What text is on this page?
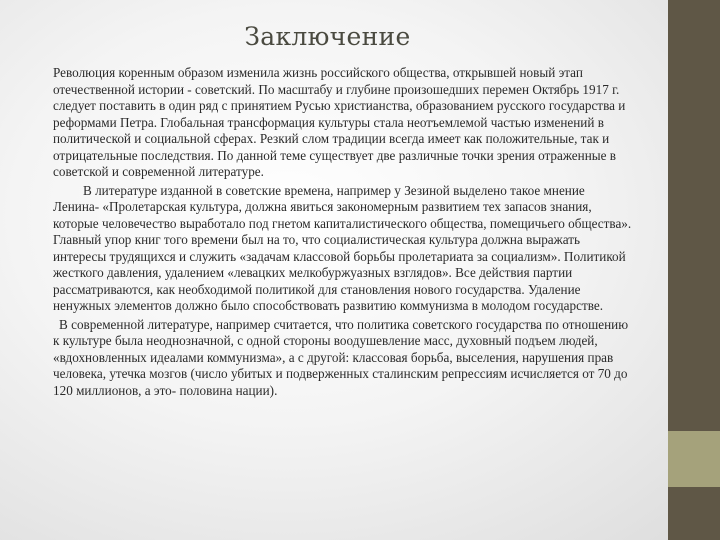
Заключение

Революция коренным образом изменила жизнь российского общества, открывшей новый этап отечественной истории - советский. По масштабу и глубине произошедших перемен Октябрь 1917 г. следует поставить в один ряд с принятием Русью христианства, образованием русского государства и реформами Петра. Глобальная трансформация культуры стала неотъемлемой частью изменений в политической и социальной сферах. Резкий слом традиции всегда имеет как положительные, так и отрицательные последствия. По данной теме существует две различные точки зрения отраженные в советской и современной литературе.

В литературе изданной в советские времена, например у Зезиной выделено такое мнение Ленина- «Пролетарская культура, должна явиться закономерным развитием тех запасов знания, которые человечество выработало под гнетом капиталистического общества, помещичьего общества». Главный упор книг того времени был на то, что социалистическая культура должна выражать интересы трудящихся и служить «задачам классовой борьбы пролетариата за социализм». Политикой жесткого давления, удалением «левацких мелкобуржуазных взглядов». Все действия партии рассматриваются, как необходимой политикой для становления нового государства. Удаление ненужных элементов должно было способствовать развитию коммунизма в молодом государстве.

В современной литературе, например считается, что политика советского государства по отношению к культуре была неоднозначной, с одной стороны воодушевление масс, духовный подъем людей, «вдохновленных идеалами коммунизма», а с другой: классовая борьба, выселения, нарушения прав человека, утечка мозгов (число убитых и подверженных сталинским репрессиям исчисляется от 70 до 120 миллионов, а это- половина нации).
